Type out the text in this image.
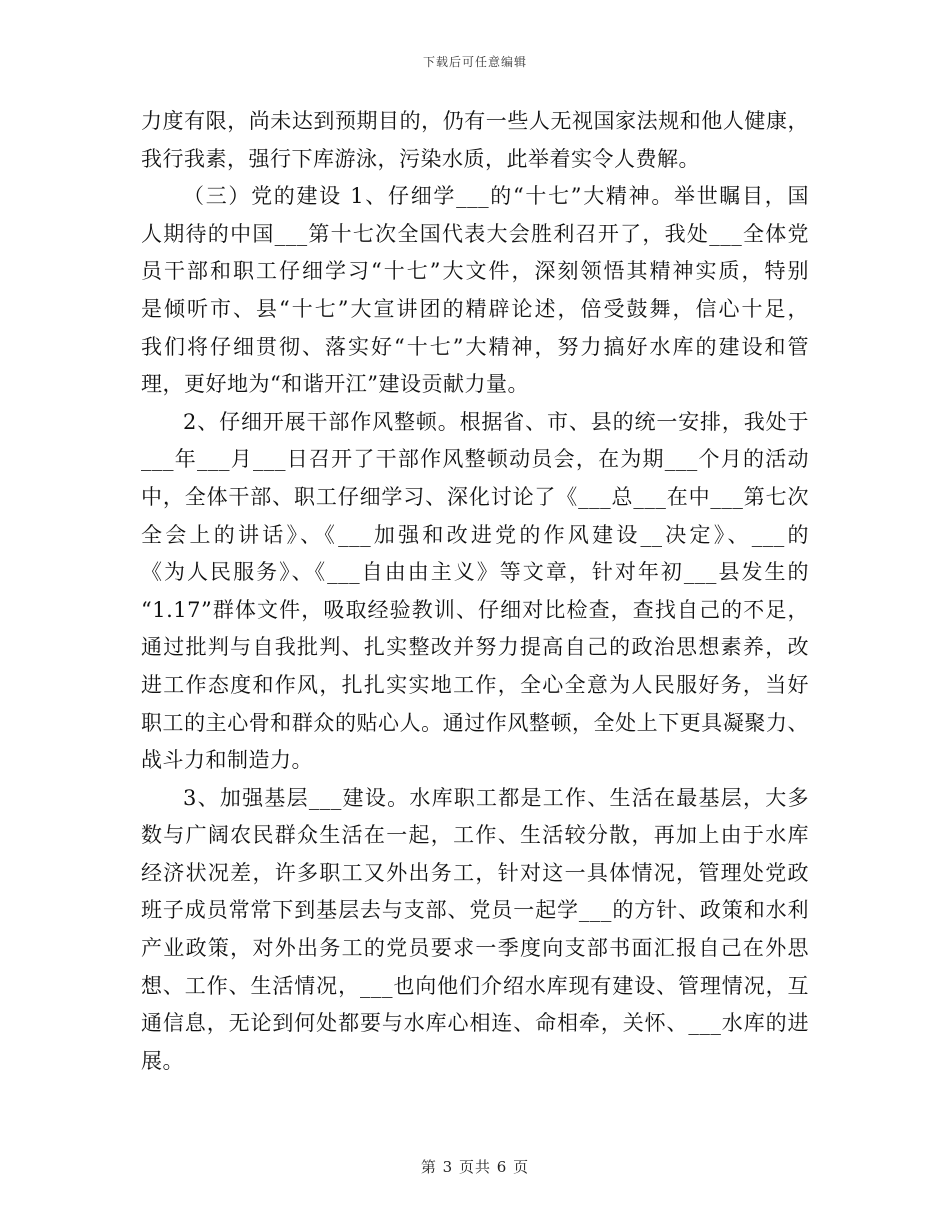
下载后可任意编辑
力度有限，尚未达到预期目的，仍有一些人无视国家法规和他人健康，
我行我素，强行下库游泳，污染水质，此举着实令人费解。
（三）党的建设 1、仔细学___的“十七”大精神。举世瞩目，国
人期待的中国___第十七次全国代表大会胜利召开了，我处___全体党
员干部和职工仔细学习“十七”大文件，深刻领悟其精神实质，特别
是倾听市、县“十七”大宣讲团的精辟论述，倍受鼓舞，信心十足，
我们将仔细贯彻、落实好“十七”大精神，努力搞好水库的建设和管
理，更好地为“和谐开江”建设贡献力量。
2、仔细开展干部作风整顿。根据省、市、县的统一安排，我处于
___年___月___日召开了干部作风整顿动员会，在为期___个月的活动
中，全体干部、职工仔细学习、深化讨论了《___总___在中___第七次
全会上的讲话》、《___加强和改进党的作风建设__决定》、___的
《为人民服务》、《___自由由主义》等文章，针对年初___县发生的
“1.17”群体文件，吸取经验教训、仔细对比检查，查找自己的不足，
通过批判与自我批判、扎实整改并努力提高自己的政治思想素养，改
进工作态度和作风，扎扎实实地工作，全心全意为人民服好务，当好
职工的主心骨和群众的贴心人。通过作风整顿，全处上下更具凝聚力、
战斗力和制造力。
3、加强基层___建设。水库职工都是工作、生活在最基层，大多
数与广阔农民群众生活在一起，工作、生活较分散，再加上由于水库
经济状况差，许多职工又外出务工，针对这一具体情况，管理处党政
班子成员常常下到基层去与支部、党员一起学___的方针、政策和水利
产业政策，对外出务工的党员要求一季度向支部书面汇报自己在外思
想、工作、生活情况，___也向他们介绍水库现有建设、管理情况，互
通信息，无论到何处都要与水库心相连、命相牵，关怀、___水库的进
展。
第 3 页共 6 页
